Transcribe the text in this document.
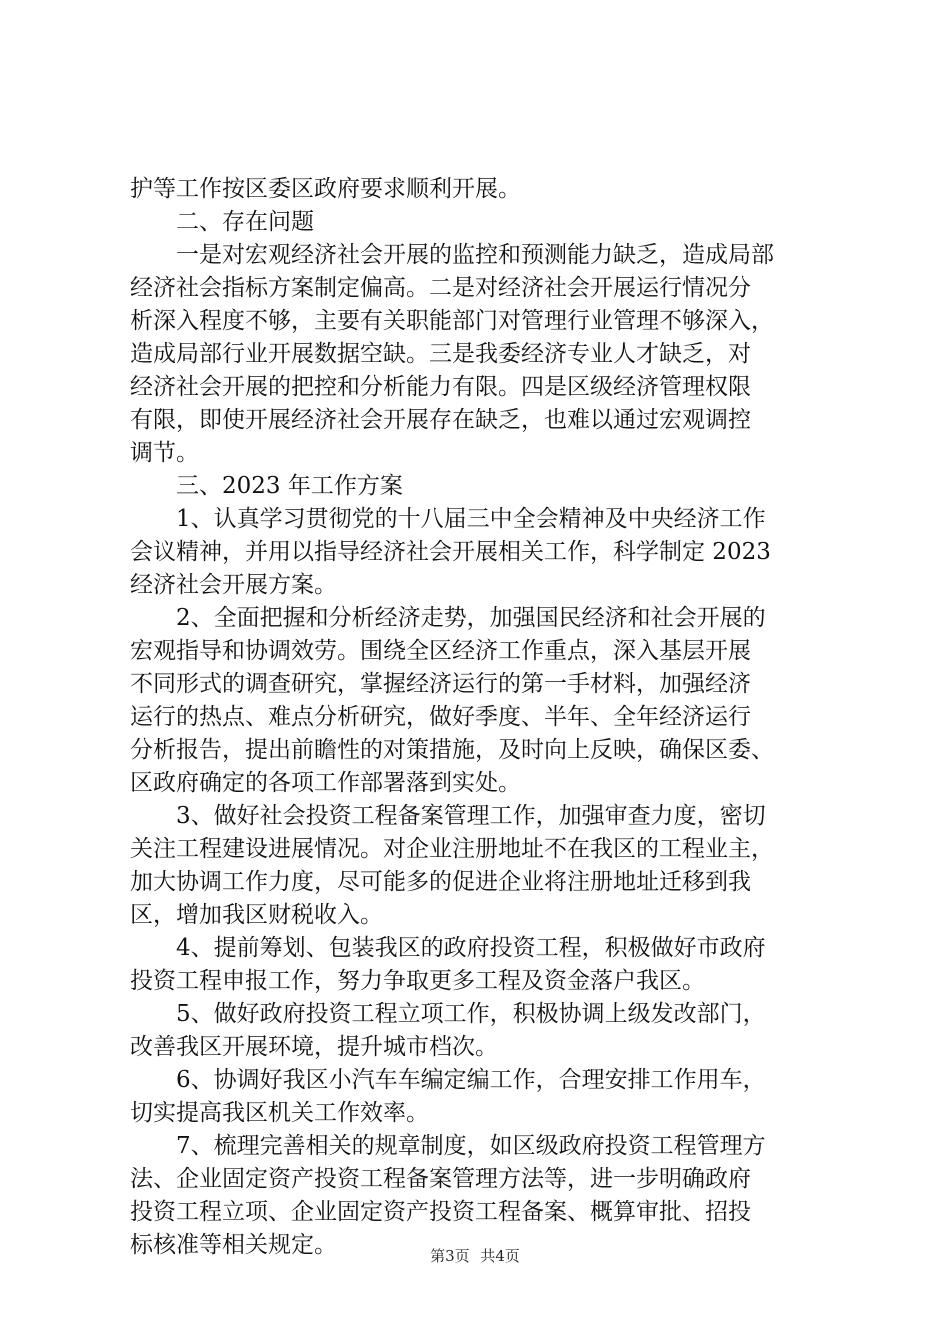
护等工作按区委区政府要求顺利开展。
二、存在问题
一是对宏观经济社会开展的监控和预测能力缺乏，造成局部
经济社会指标方案制定偏高。二是对经济社会开展运行情况分
析深入程度不够，主要有关职能部门对管理行业管理不够深入，
造成局部行业开展数据空缺。三是我委经济专业人才缺乏，对
经济社会开展的把控和分析能力有限。四是区级经济管理权限
有限，即使开展经济社会开展存在缺乏，也难以通过宏观调控
调节。
三、2023 年工作方案
1、认真学习贯彻党的十八届三中全会精神及中央经济工作
会议精神，并用以指导经济社会开展相关工作，科学制定 2023
经济社会开展方案。
2、全面把握和分析经济走势，加强国民经济和社会开展的
宏观指导和协调效劳。围绕全区经济工作重点，深入基层开展
不同形式的调查研究，掌握经济运行的第一手材料，加强经济
运行的热点、难点分析研究，做好季度、半年、全年经济运行
分析报告，提出前瞻性的对策措施，及时向上反映，确保区委、
区政府确定的各项工作部署落到实处。
3、做好社会投资工程备案管理工作，加强审查力度，密切
关注工程建设进展情况。对企业注册地址不在我区的工程业主，
加大协调工作力度，尽可能多的促进企业将注册地址迁移到我
区，增加我区财税收入。
4、提前筹划、包装我区的政府投资工程，积极做好市政府
投资工程申报工作，努力争取更多工程及资金落户我区。
5、做好政府投资工程立项工作，积极协调上级发改部门，
改善我区开展环境，提升城市档次。
6、协调好我区小汽车车编定编工作，合理安排工作用车，
切实提高我区机关工作效率。
7、梳理完善相关的规章制度，如区级政府投资工程管理方
法、企业固定资产投资工程备案管理方法等，进一步明确政府
投资工程立项、企业固定资产投资工程备案、概算审批、招投
标核准等相关规定。	第3页 共4页
